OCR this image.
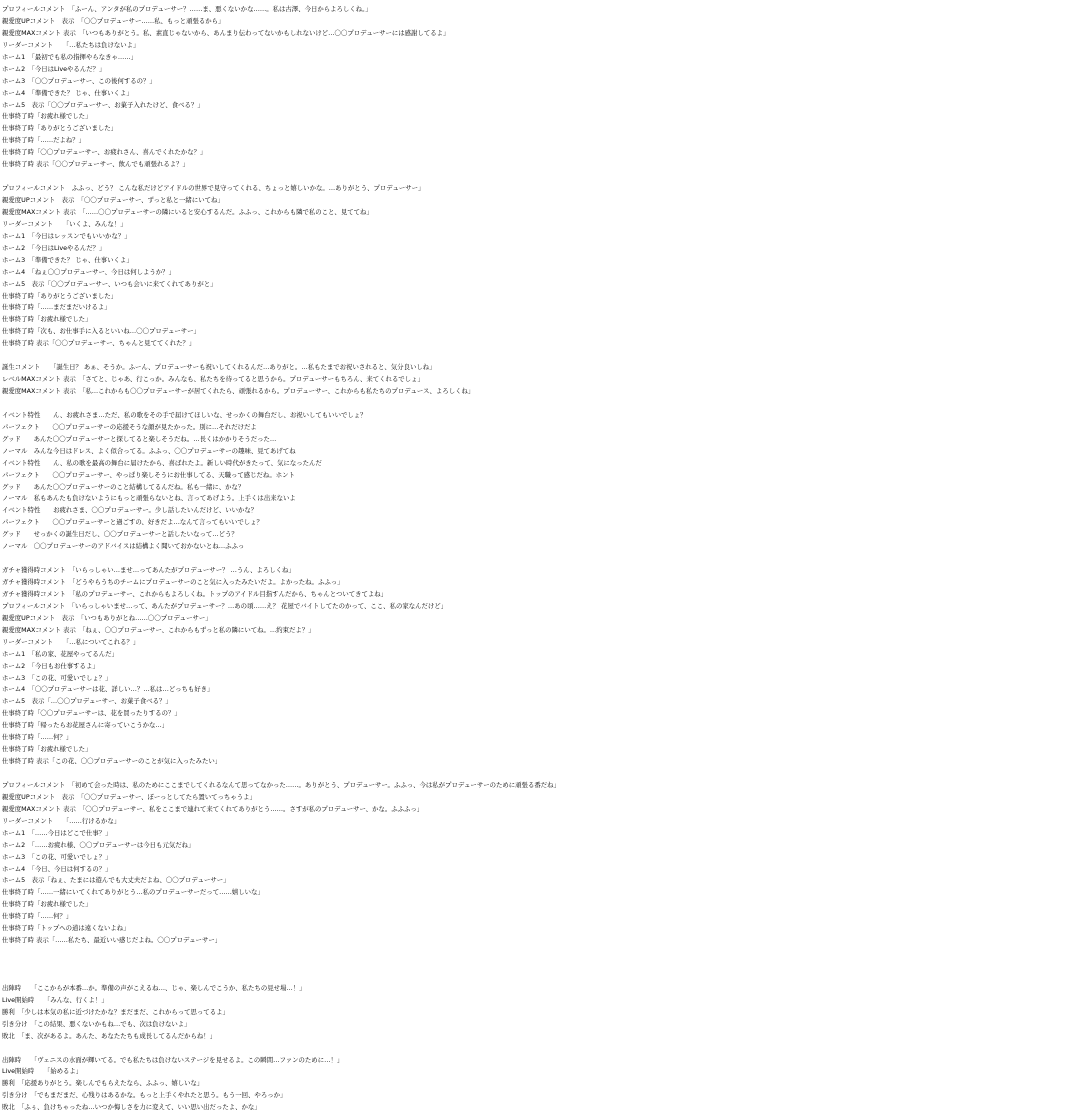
プロフィールコメント　「ふーん、アンタが私のプロデューサー？……ま、悪くないかな……。私は古澤、今日からよろしくね。」
親愛度UPコメント　表示　「〇〇プロデューサー……私、もっと頑張るから」
親愛度MAXコメント 表示　「いつもありがとう。私、素直じゃないから、あんまり伝わってないかもしれないけど…〇〇プロデューサーには感謝してるよ」
リーダーコメント　　「…私たちは負けないよ」
ホーム1　「最初でも私の指揮やらなきゃ……」
ホーム2　「今日はLiveやるんだ？」
ホーム3　「〇〇プロデューサー、この後何するの？」
ホーム4　「準備できた？ じゃ、仕事いくよ」
ホーム5　表示「〇〇プロデューサー、お菓子入れたけど、食べる？」
仕事終了時「お疲れ様でした」
仕事終了時「ありがとうございました」
仕事終了時「……だよね？」
仕事終了時「〇〇プロデューサー、お疲れさん、喜んでくれたかな？」
仕事終了時 表示「〇〇プロデューサー、飲んでも頑張れるよ？」
プロフィールコメント　ふふっ、どう？ こんな私だけどアイドルの世界で見守ってくれる、ちょっと嬉しいかな。…ありがとう、プロデューサー」
親愛度UPコメント　表示　「〇〇プロデューサー、ずっと私と一緒にいてね」
親愛度MAXコメント 表示　「……〇〇プロデューサーの隣にいると安心するんだ。ふふっ、これからも隣で私のこと、見ててね」
リーダーコメント　　「いくよ、みんな！」
ホーム1　「今日はレッスンでもいいかな？」
ホーム2　「今日はLiveやるんだ？」
ホーム3　「準備できた？ じゃ、仕事いくよ」
ホーム4　「ねぇ〇〇プロデューサー、今日は何しようか？」
ホーム5　表示「〇〇プロデューサー、いつも会いに来てくれてありがと」
仕事終了時「ありがとうございました」
仕事終了時「……まだまだいけるよ」
仕事終了時「お疲れ様でした」
仕事終了時「次も、お仕事手に入るといいね…〇〇プロデューサー」
仕事終了時 表示「〇〇プロデューサー、ちゃんと見ててくれた？」
誕生コメント　　「誕生日？ あぁ、そうか。ふーん、プロデューサーも祝いしてくれるんだ…ありがと。…私もたまでお祝いされると、気分良いしね」
レベルMAXコメント 表示　「さてと、じゃあ、行こっか。みんなも、私たちを待ってると思うから。プロデューサーもちろん、来てくれるでしょ」
親愛度MAXコメント 表示　「私…これからも〇〇プロデューサーが居てくれたら、頑張れるから。プロデューサー、これからも私たちのプロデュース、よろしくね」
イベント特性　　ん、お疲れさま…ただ、私の歌をその手で届けてほしいな、せっかくの舞台だし、お祝いしてもいいでしょ？
パーフェクト　　〇〇プロデューサーの応援そうな顔が見たかった。別に…それだけだよ
グッド　　あんた〇〇プロデューサーと探してると楽しそうだね。…長くはかかりそうだった…
ノーマル　みんな今日はドレス、よく似合ってる。ふふっ、〇〇プロデューサーの趣味、見てあげてね
イベント特性　　ん、私の歌を最高の舞台に届けたから、喜ばれたよ。新しい時代がきたって、気になったんだ
パーフェクト　　〇〇プロデューサー、やっぱり楽しそうにお仕事してる、天職って感じだね。ホント
グッド　　あんた〇〇プロデューサーのこと結構してるんだね。私も一緒に、かな？
ノーマル　私もあんたも負けないようにもっと頑張らないとね、言ってあげよう。上手くは出来ないよ
イベント特性　　お疲れさま、〇〇プロデューサー。少し話したいんだけど、いいかな？
パーフェクト　　〇〇プロデューサーと過ごすの、好きだよ…なんて言ってもいいでしょ？
グッド　　せっかくの誕生日だし、〇〇プロデューサーと話したいなって…どう？
ノーマル　〇〇プロデューサーのアドバイスは結構よく聞いておかないとね…ふふっ
ガチャ獲得時コメント　「いらっしゃい…ませ…ってあんたがプロデューサー？ …うん、よろしくね」
ガチャ獲得時コメント　「どうやらうちのチームにプロデューサーのこと気に入ったみたいだよ。よかったね。ふふっ」
ガチャ獲得時コメント　「私のプロデューサー、これからもよろしくね。トップのアイドル目指すんだから、ちゃんとついてきてよね」
プロフィールコメント　「いらっしゃいませ…って、あんたがプロデューサー？…あの頃……え？ 花屋でバイトしてたのかって、ここ、私の家なんだけど」
親愛度UPコメント　表示　「いつもありがとね……〇〇プロデューサー」
親愛度MAXコメント 表示　「ねぇ、〇〇プロデューサー、これからもずっと私の隣にいてね。…約束だよ？」
リーダーコメント　　「…私についてこれる？」
ホーム1　「私の家、花屋やってるんだ」
ホーム2　「今日もお仕事するよ」
ホーム3　「この花、可愛いでしょ？」
ホーム4　「〇〇プロデューサーは花、詳しい…？…私は…どっちも好き」
ホーム5　表示「…〇〇プロデューサー、お菓子食べる？」
仕事終了時「〇〇プロデューサーは、花を買ったりするの？」
仕事終了時「帰ったらお花屋さんに寄っていこうかな…」
仕事終了時「……何？」
仕事終了時「お疲れ様でした」
仕事終了時 表示「この花、〇〇プロデューサーのことが気に入ったみたい」
プロフィールコメント　「初めて会った時は、私のためにここまでしてくれるなんて思ってなかった……。ありがとう、プロデューサー。ふふっ、今は私がプロデューサーのために頑張る番だね」
親愛度UPコメント　表示　「〇〇プロデューサー、ぼーっとしてたら置いてっちゃうよ」
親愛度MAXコメント 表示　「〇〇プロデューサー、私をここまで連れて来てくれてありがとう……。さすが私のプロデューサー、かな。ふふふっ」
リーダーコメント　　「……行けるかな」
ホーム1　「……今日はどこで仕事？」
ホーム2　「……お疲れ様、〇〇プロデューサーは今日も元気だね」
ホーム3　「この花、可愛いでしょ？」
ホーム4　「今日、今日は何するの？」
ホーム5　表示「ねぇ、たまには遊んでも大丈夫だよね、〇〇プロデューサー」
仕事終了時「……一緒にいてくれてありがとう…私のプロデューサーだって……嬉しいな」
仕事終了時「お疲れ様でした」
仕事終了時「……何？」
仕事終了時「トップへの道は遠くないよね」
仕事終了時 表示「……私たち、最近いい感じだよね。〇〇プロデューサー」
出陣時　　「ここからが本番…か。準備の声がこえるね…、じゃ、楽しんでこうか、私たちの見せ場…！」
Live開始時　　「みんな、行くよ！」
勝利　「少しは本気の私に近づけたかな？まだまだ、これからって思ってるよ」
引き分け　「この結果、悪くないかもね…でも、次は負けないよ」
敗北　「ま、次があるよ。あんた、あなたたちも成長してるんだからね！」
出陣時　　「ヴェニスの水面が輝いてる。でも私たちは負けないステージを見せるよ。この瞬間…ファンのために…！」
Live開始時　　「始めるよ」
勝利　「応援ありがとう。楽しんでもらえたなら、ふふっ、嬉しいな」
引き分け　「でもまだまだ、心残りはあるかな。もっと上手くやれたと思う。もう一回、やろっか」
敗北　「ふぅ、負けちゃったね…いつか悔しさを力に変えて、いい思い出だったよ、かな」
